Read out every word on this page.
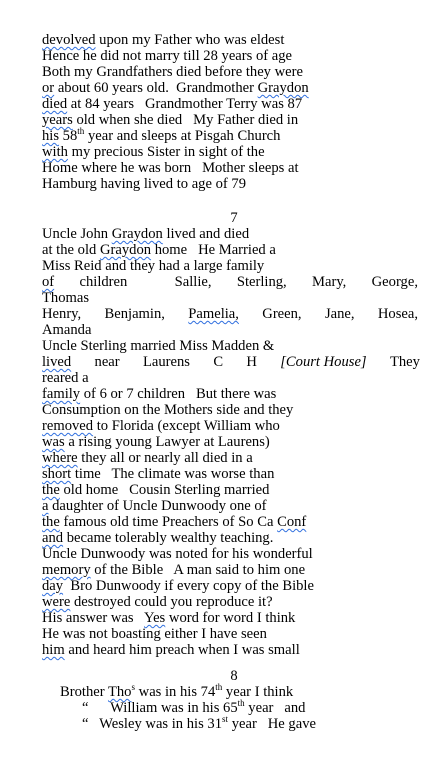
devolved upon my Father who was eldest
Hence he did not marry till 28 years of age
Both my Grandfathers died before they were
or about 60 years old.  Grandmother Graydon
died at 84 years   Grandmother Terry was 87
years old when she died   My Father died in
his 58th year and sleeps at Pisgah Church
with my precious Sister in sight of the
Home where he was born   Mother sleeps at
Hamburg having lived to age of 79
7
Uncle John Graydon lived and died
at the old Graydon home   He Married a
Miss Reid and they had a large family
of children	Sallie, Sterling, Mary, George,
Thomas
Henry, Benjamin, Pamelia, Green, Jane, Hosea,
Amanda
Uncle Sterling married Miss Madden &
lived near Laurens C H [Court House] They
reared a
family of 6 or 7 children   But there was
Consumption on the Mothers side and they
removed to Florida (except William who
was a rising young Lawyer at Laurens)
where they all or nearly all died in a
short time   The climate was worse than
the old home   Cousin Sterling married
a daughter of Uncle Dunwoody one of
the famous old time Preachers of So Ca Conf
and became tolerably wealthy teaching.
Uncle Dunwoody was noted for his wonderful
memory of the Bible   A man said to him one
day  Bro Dunwoody if every copy of the Bible
were destroyed could you reproduce it?
His answer was   Yes word for word I think
He was not boasting either I have seen
him and heard him preach when I was small
8
Brother Tho$^s$ was in his 74th year I think
“      William was in his 65th year   and
“   Wesley was in his 31st year   He gave
